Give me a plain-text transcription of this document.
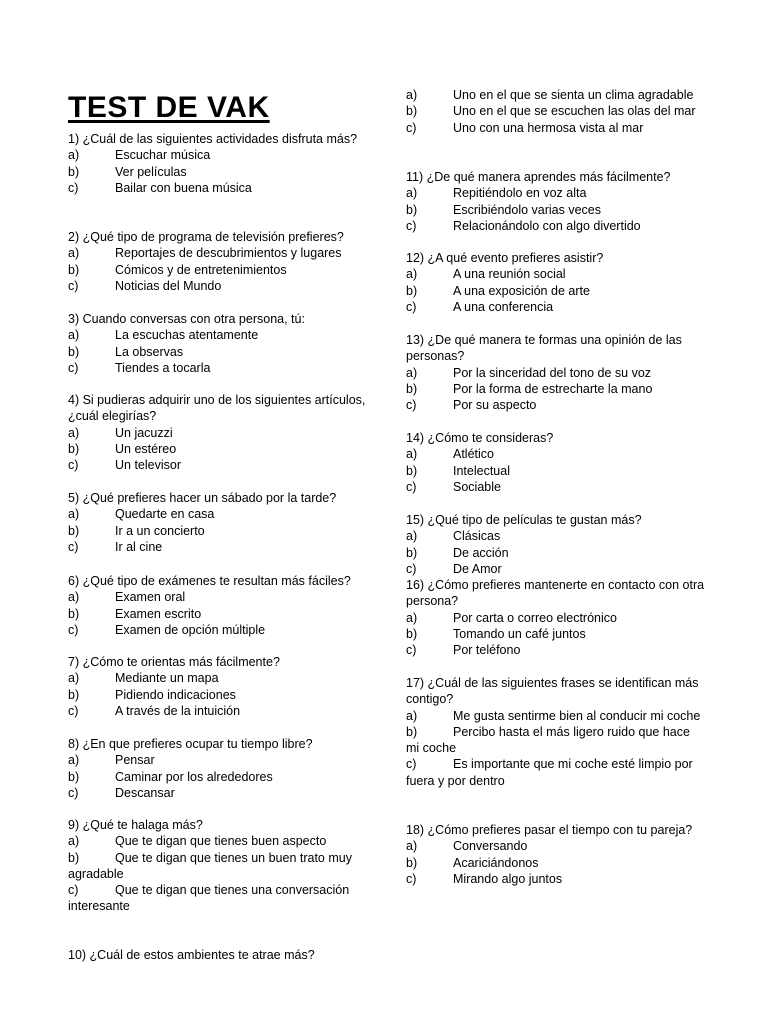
TEST DE VAK

1) ¿Cuál de las siguientes actividades disfruta más?

a)	Escuchar música

b)	Ver películas

c)	Bailar con buena música

2) ¿Qué tipo de programa de televisión prefieres?

a)	Reportajes de descubrimientos y lugares

b)	Cómicos y de entretenimientos

c)	Noticias del Mundo

3) Cuando conversas con otra persona, tú:

a)	La escuchas atentamente

b)	La observas

c)	Tiendes a tocarla

4) Si pudieras adquirir uno de los siguientes artículos, ¿cuál elegirías?

a)	Un jacuzzi

b)	Un estéreo

c)	Un televisor

5) ¿Qué prefieres hacer un sábado por la tarde?

a)	Quedarte en casa

b)	Ir a un concierto

c)	Ir al cine

6) ¿Qué tipo de exámenes te resultan más fáciles?

a)	Examen oral

b)	Examen escrito

c)	Examen de opción múltiple

7) ¿Cómo te orientas más fácilmente?

a)	Mediante un mapa

b)	Pidiendo indicaciones

c)	A través de la intuición

8) ¿En que prefieres ocupar tu tiempo libre?

a)	Pensar

b)	Caminar por los alrededores

c)	Descansar

9) ¿Qué te halaga más?

a)	Que te digan que tienes buen aspecto

b)	Que te digan que tienes un buen trato muy agradable

c)	Que te digan que tienes una conversación interesante

10) ¿Cuál de estos ambientes te atrae más?

a)	Uno en el que se sienta un clima agradable

b)	Uno en el que se escuchen las olas del mar

c)	Uno con una hermosa vista al mar

11) ¿De qué manera aprendes más fácilmente?

a)	Repitiéndolo en voz alta

b)	Escribiéndolo varias veces

c)	Relacionándolo con algo divertido

12) ¿A qué evento prefieres asistir?

a)	A una reunión social

b)	A una exposición de arte

c)	A una conferencia

13) ¿De qué manera te formas una opinión de las personas?

a)	Por la sinceridad del tono de su voz

b)	Por la forma de estrecharte la mano

c)	Por su aspecto

14) ¿Cómo te consideras?

a)	Atlético

b)	Intelectual

c)	Sociable

15) ¿Qué tipo de películas te gustan más?

a)	Clásicas

b)	De acción

c)	De Amor

16) ¿Cómo prefieres mantenerte en contacto con otra persona?

a)	Por carta o correo electrónico

b)	Tomando un café juntos

c)	Por teléfono

17) ¿Cuál de las siguientes frases se identifican más contigo?

a)	Me gusta sentirme bien al conducir mi coche

b)	Percibo hasta el más ligero ruido que hace mi coche

c)	Es importante que mi coche esté limpio por fuera y por dentro

18) ¿Cómo prefieres pasar el tiempo con tu pareja?

a)	Conversando

b)	Acariciándonos

c)	Mirando algo juntos
